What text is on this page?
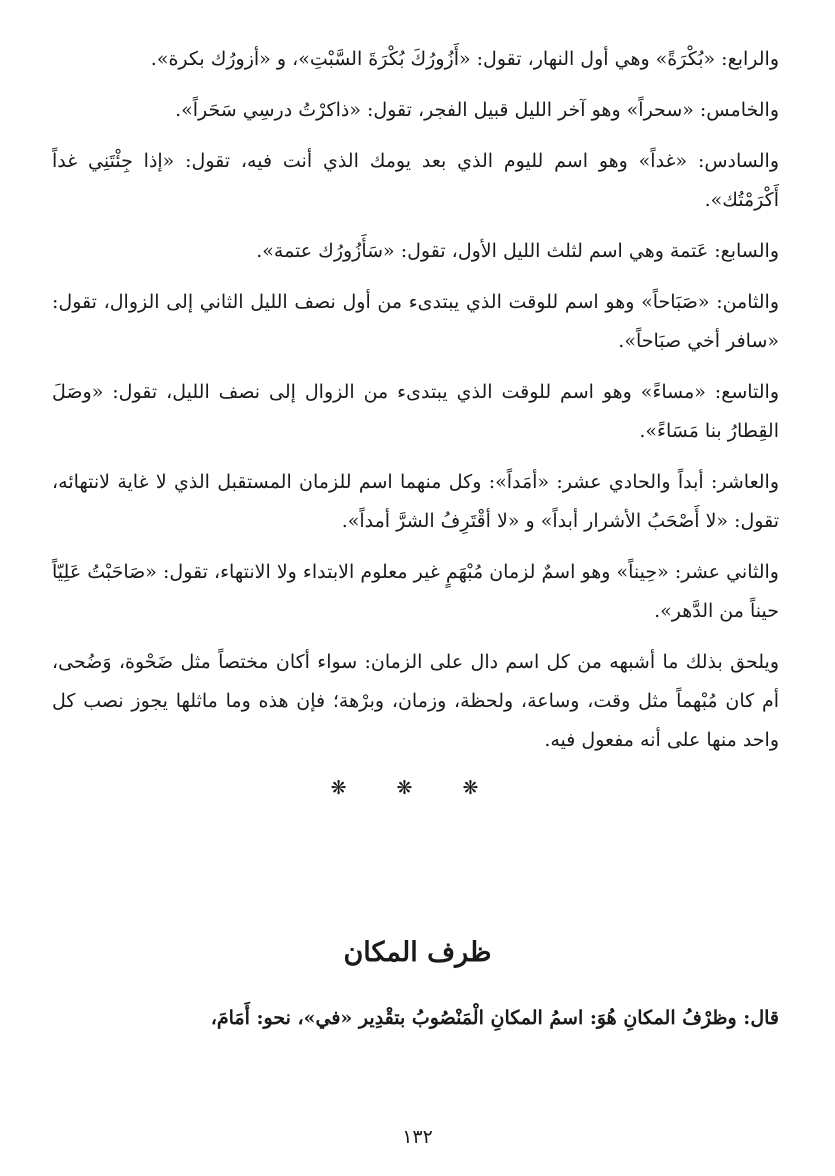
والرابع: «بُكْرَةً» وهي أول النهار، تقول: «أَزُورُكَ بُكْرَةَ السَّبْتِ»، و «أزورُك بكرة».

والخامس: «سحراً» وهو آخر الليل قبيل الفجر، تقول: «ذاكرْتُ درسِي سَحَراً».

والسادس: «غداً» وهو اسم لليوم الذي بعد يومك الذي أنت فيه، تقول: «إذا جِئْتَنِي غداً أَكْرَمْتُك».

والسابع: عَتمة وهي اسم لثلث الليل الأول، تقول: «سَأَزُورُك عتمة».

والثامن: «صَبَاحاً» وهو اسم للوقت الذي يبتدىء من أول نصف الليل الثاني إلى الزوال، تقول: «سافر أخي صبَاحاً».

والتاسع: «مساءً» وهو اسم للوقت الذي يبتدىء من الزوال إلى نصف الليل، تقول: «وصَلَ القِطارُ بنا مَسَاءً».

والعاشر: أبداً والحادي عشر: «أمَداً»: وكل منهما اسم للزمان المستقبل الذي لا غاية لانتهائه، تقول: «لا أَصْحَبُ الأشرار أبداً» و «لا أقْتَرِفُ الشرَّ أمداً».

والثاني عشر: «حِيناً» وهو اسمٌ لزمان مُبْهَمٍ غير معلوم الابتداء ولا الانتهاء، تقول: «صَاحَبْتُ عَلِيّاً حيناً من الدَّهر».

ويلحق بذلك ما أشبهه من كل اسم دال على الزمان: سواء أكان مختصاً مثل ضَحْوة، وَضُحى، أم كان مُبْهماً مثل وقت، وساعة، ولحظة، وزمان، وبرْهة؛ فإن هذه وما ماثلها يجوز نصب كل واحد منها على أنه مفعول فيه.

❋ ❋ ❋
ظرف المكان
قال: وظرْفُ المكانِ هُوَ: اسمُ المكانِ الْمَنْصُوبُ بتقْدِير «في»، نحو: أَمَامَ،
١٣٢
